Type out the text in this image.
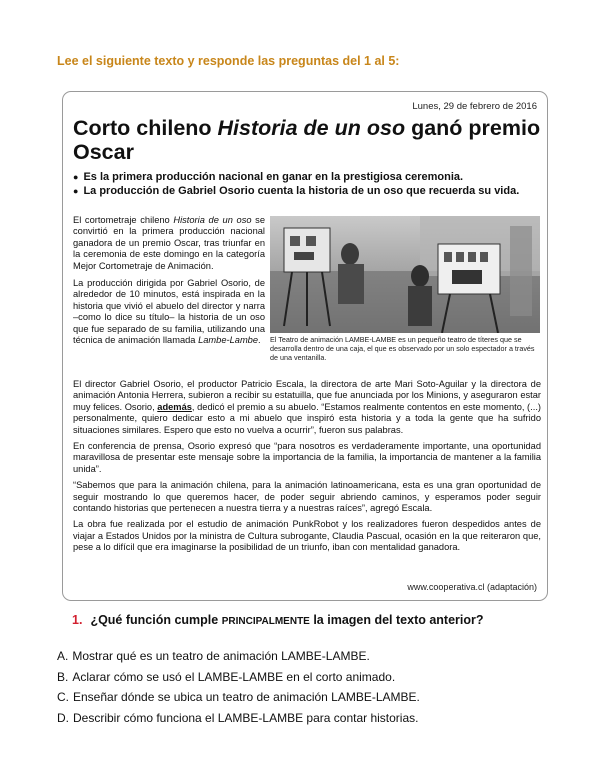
Lee el siguiente texto y responde las preguntas del 1 al 5:
Lunes, 29 de febrero de 2016
Corto chileno Historia de un oso ganó premio Oscar
● Es la primera producción nacional en ganar en la prestigiosa ceremonia.
● La producción de Gabriel Osorio cuenta la historia de un oso que recuerda su vida.

El cortometraje chileno Historia de un oso se convirtió en la primera producción nacional ganadora de un premio Oscar, tras triunfar en la ceremonia de este domingo en la categoría Mejor Cortometraje de Animación.

La producción dirigida por Gabriel Osorio, de alrededor de 10 minutos, está inspirada en la historia que vivió el abuelo del director y narra –como lo dice su título– la historia de un oso que fue separado de su familia, utilizando una técnica de animación llamada Lambe-Lambe.	El Teatro de animación LAMBE-LAMBE es un pequeño teatro de títeres que se desarrolla dentro de una caja, el que es observado por un solo espectador a través de una ventanilla.

El director Gabriel Osorio, el productor Patricio Escala, la directora de arte Mari Soto-Aguilar y la directora de animación Antonia Herrera, subieron a recibir su estatuilla, que fue anunciada por los Minions, y aseguraron estar muy felices. Osorio, además, dedicó el premio a su abuelo. “Estamos realmente contentos en este momento, (...) personalmente, quiero dedicar esto a mi abuelo que inspiró esta historia y a toda la gente que ha sufrido situaciones similares. Espero que esto no vuelva a ocurrir”, fueron sus palabras.

En conferencia de prensa, Osorio expresó que “para nosotros es verdaderamente importante, una oportunidad maravillosa de presentar este mensaje sobre la importancia de la familia, la importancia de mantener a la familia unida”.

“Sabemos que para la animación chilena, para la animación latinoamericana, esta es una gran oportunidad de seguir mostrando lo que queremos hacer, de poder seguir abriendo caminos, y esperamos poder seguir contando historias que pertenecen a nuestra tierra y a nuestras raíces”, agregó Escala.

La obra fue realizada por el estudio de animación PunkRobot y los realizadores fueron despedidos antes de viajar a Estados Unidos por la ministra de Cultura subrogante, Claudia Pascual, ocasión en la que reiteraron que, pese a lo difícil que era imaginarse la posibilidad de un triunfo, iban con mentalidad ganadora.

www.cooperativa.cl (adaptación)
1. ¿Qué función cumple PRINCIPALMENTE la imagen del texto anterior?
A. Mostrar qué es un teatro de animación LAMBE-LAMBE.
B. Aclarar cómo se usó el LAMBE-LAMBE en el corto animado.
C. Enseñar dónde se ubica un teatro de animación LAMBE-LAMBE.
D. Describir cómo funciona el LAMBE-LAMBE para contar historias.
